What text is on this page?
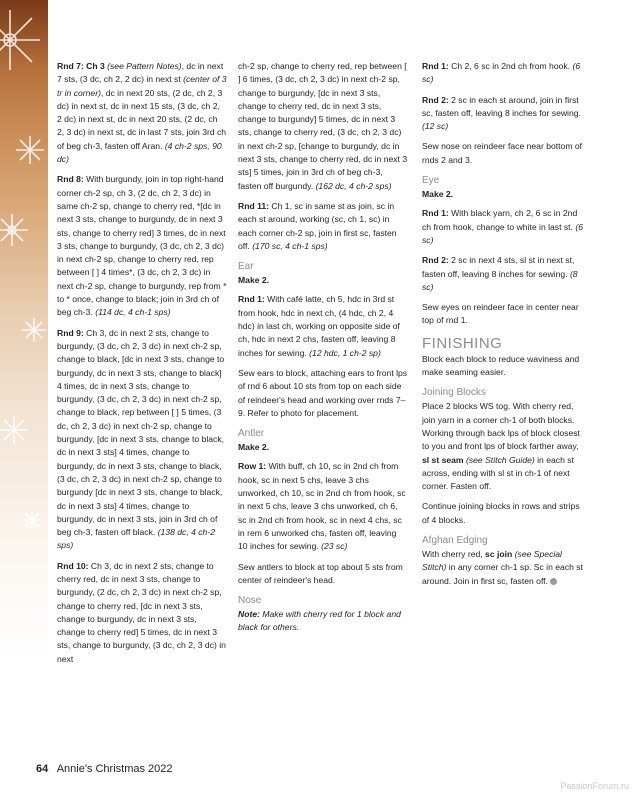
Rnd 7: Ch 3 (see Pattern Notes), dc in next 7 sts, (3 dc, ch 2, 2 dc) in next st (center of 3 tr in corner), dc in next 20 sts, (2 dc, ch 2, 3 dc) in next st, dc in next 15 sts, (3 dc, ch 2, 2 dc) in next st, dc in next 20 sts, (2 dc, ch 2, 3 dc) in next st, dc in last 7 sts, join 3rd ch of beg ch-3, fasten off Aran. (4 ch-2 sps, 90 dc)

Rnd 8: With burgundy, join in top right-hand corner ch-2 sp, ch 3, (2 dc, ch 2, 3 dc) in same ch-2 sp, change to cherry red, *[dc in next 3 sts, change to burgundy, dc in next 3 sts, change to cherry red] 3 times, dc in next 3 sts, change to burgundy, (3 dc, ch 2, 3 dc) in next ch-2 sp, change to cherry red, rep between [ ] 4 times*, (3 dc, ch 2, 3 dc) in next ch-2 sp, change to burgundy, rep from * to * once, change to black; join in 3rd ch of beg ch-3. (114 dc, 4 ch-1 sps)

Rnd 9: Ch 3, dc in next 2 sts, change to burgundy, (3 dc, ch 2, 3 dc) in next ch-2 sp, change to black, [dc in next 3 sts, change to burgundy, dc in next 3 sts, change to black] 4 times, dc in next 3 sts, change to burgundy, (3 dc, ch 2, 3 dc) in next ch-2 sp, change to black, rep between [ ] 5 times, (3 dc, ch 2, 3 dc) in next ch-2 sp, change to burgundy, [dc in next 3 sts, change to black, dc in next 3 sts] 4 times, change to burgundy, dc in next 3 sts, change to black, (3 dc, ch 2, 3 dc) in next ch-2 sp, change to burgundy [dc in next 3 sts, change to black, dc in next 3 sts] 4 times, change to burgundy, dc in next 3 sts, join in 3rd ch of beg ch-3, fasten off black. (138 dc, 4 ch-2 sps)

Rnd 10: Ch 3, dc in next 2 sts, change to cherry red, dc in next 3 sts, change to burgundy, (2 dc, ch 2, 3 dc) in next ch-2 sp, change to cherry red, [dc in next 3 sts, change to burgundy, dc in next 3 sts, change to cherry red] 5 times, dc in next 3 sts, change to burgundy, (3 dc, ch 2, 3 dc) in next

ch-2 sp, change to cherry red, rep between [ ] 6 times, (3 dc, ch 2, 3 dc) in next ch-2 sp, change to burgundy, [dc in next 3 sts, change to cherry red, dc in next 3 sts, change to burgundy] 5 times, dc in next 3 sts, change to cherry red, (3 dc, ch 2, 3 dc) in next ch-2 sp, [change to burgundy, dc in next 3 sts, change to cherry red, dc in next 3 sts] 5 times, join in 3rd ch of beg ch-3, fasten off burgundy. (162 dc, 4 ch-2 sps)

Rnd 11: Ch 1, sc in same st as join, sc in each st around, working (sc, ch 1, sc) in each corner ch-2 sp, join in first sc, fasten off. (170 sc, 4 ch-1 sps)

Ear
Make 2.

Rnd 1: With café latte, ch 5, hdc in 3rd st from hook, hdc in next ch, (4 hdc, ch 2, 4 hdc) in last ch, working on opposite side of ch, hdc in next 2 chs, fasten off, leaving 8 inches for sewing. (12 hdc, 1 ch-2 sp)

Sew ears to block, attaching ears to front lps of rnd 6 about 10 sts from top on each side of reindeer's head and working over rnds 7–9. Refer to photo for placement.

Antler
Make 2.

Row 1: With buff, ch 10, sc in 2nd ch from hook, sc in next 5 chs, leave 3 chs unworked, ch 10, sc in 2nd ch from hook, sc in next 5 chs, leave 3 chs unworked, ch 6, sc in 2nd ch from hook, sc in next 4 chs, sc in rem 6 unworked chs, fasten off, leaving 10 inches for sewing. (23 sc)

Sew antlers to block at top about 5 sts from center of reindeer's head.

Nose

Note: Make with cherry red for 1 block and black for others.

Rnd 1: Ch 2, 6 sc in 2nd ch from hook. (6 sc)

Rnd 2: 2 sc in each st around, join in first sc, fasten off, leaving 8 inches for sewing. (12 sc)

Sew nose on reindeer face near bottom of rnds 2 and 3.

Eye
Make 2.

Rnd 1: With black yarn, ch 2, 6 sc in 2nd ch from hook, change to white in last st. (6 sc)

Rnd 2: 2 sc in next 4 sts, sl st in next st, fasten off, leaving 8 inches for sewing. (8 sc)

Sew eyes on reindeer face in center near top of rnd 1.

FINISHING

Block each block to reduce waviness and make seaming easier.

Joining Blocks

Place 2 blocks WS tog. With cherry red, join yarn in a corner ch-1 of both blocks. Working through back lps of block closest to you and front lps of block farther away, sl st seam (see Stitch Guide) in each st across, ending with sl st in ch-1 of next corner. Fasten off.

Continue joining blocks in rows and strips of 4 blocks.

Afghan Edging

With cherry red, sc join (see Special Stitch) in any corner ch-1 sp. Sc in each st around. Join in first sc, fasten off.

64 Annie's Christmas 2022
PassionForum.ru
